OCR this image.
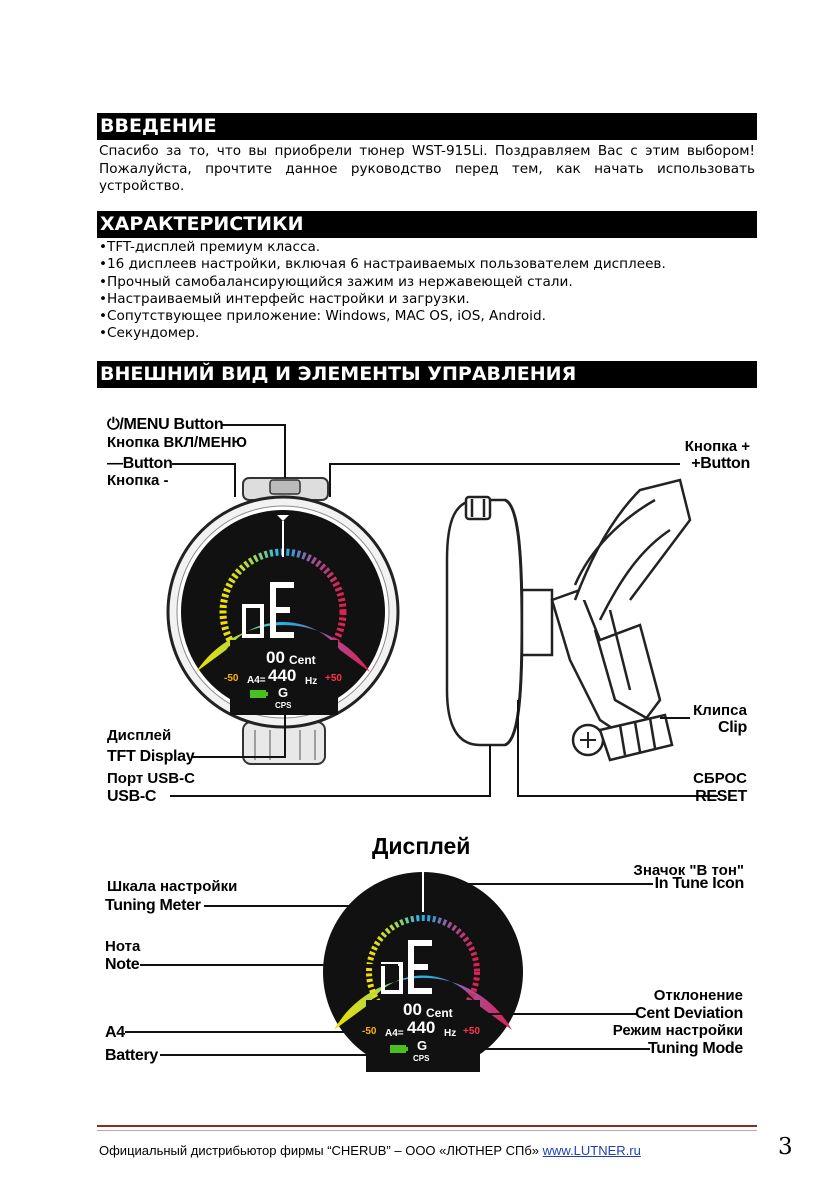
ВВЕДЕНИЕ

Спасибо за то, что вы приобрели тюнер WST-915Li. Поздравляем Вас с этим выбором! Пожалуйста, прочтите данное руководство перед тем, как начать использовать устройство.

ХАРАКТЕРИСТИКИ
• TFT-дисплей премиум класса.
• 16 дисплеев настройки, включая 6 настраиваемых пользователем дисплеев.
• Прочный самобалансирующийся зажим из нержавеющей стали.
• Настраиваемый интерфейс настройки и загрузки.
• Сопутствующее приложение: Windows, MAC OS, iOS, Android.
• Секундомер.
ВНЕШНИЙ ВИД И ЭЛЕМЕНТЫ УПРАВЛЕНИЯ
00 Cent
A4= 440 Hz
-50	+50
G
CPS
⏻/MENU Button
Кнопка ВКЛ/МЕНЮ
—Button
Кнопка -
Кнопка +
+Button
Дисплей
TFT Display
Порт USB-C
USB-C
Клипса
Clip
СБРОС
RESET
Дисплей
00 Cent
A4= 440 Hz
-50	+50
G
CPS
Шкала настройки
Tuning Meter
Нота
Note
A4
Battery
Значок "В тон"
In Tune Icon
Отклонение
Cent Deviation
Режим настройки
Tuning Mode
Официальный дистрибьютор фирмы “CHERUB” – ООО «ЛЮТНЕР СПб» www.LUTNER.ru	3
